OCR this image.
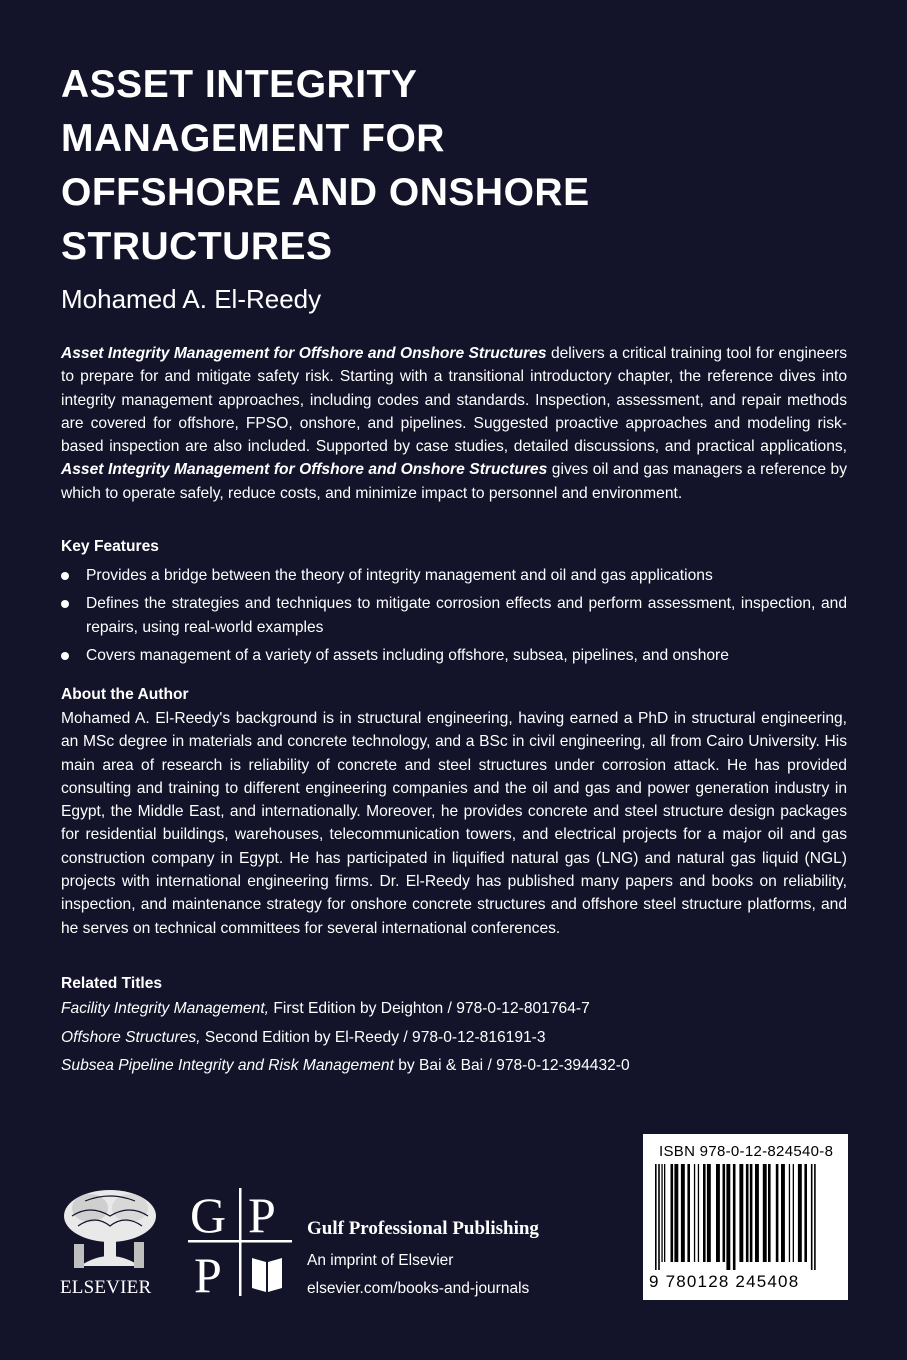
ASSET INTEGRITY
MANAGEMENT FOR
OFFSHORE AND ONSHORE
STRUCTURES
Mohamed A. El-Reedy
Asset Integrity Management for Offshore and Onshore Structures delivers a critical training tool for engineers to prepare for and mitigate safety risk. Starting with a transitional introductory chapter, the reference dives into integrity management approaches, including codes and standards. Inspection, assessment, and repair methods are covered for offshore, FPSO, onshore, and pipelines. Suggested proactive approaches and modeling risk-based inspection are also included. Supported by case studies, detailed discussions, and practical applications, Asset Integrity Management for Offshore and Onshore Structures gives oil and gas managers a reference by which to operate safely, reduce costs, and minimize impact to personnel and environment.
Key Features
Provides a bridge between the theory of integrity management and oil and gas applications
Defines the strategies and techniques to mitigate corrosion effects and perform assessment, inspection, and repairs, using real-world examples
Covers management of a variety of assets including offshore, subsea, pipelines, and onshore
About the Author

Mohamed A. El-Reedy's background is in structural engineering, having earned a PhD in structural engineering, an MSc degree in materials and concrete technology, and a BSc in civil engineering, all from Cairo University. His main area of research is reliability of concrete and steel structures under corrosion attack. He has provided consulting and training to different engineering companies and the oil and gas and power generation industry in Egypt, the Middle East, and internationally. Moreover, he provides concrete and steel structure design packages for residential buildings, warehouses, telecommunication towers, and electrical projects for a major oil and gas construction company in Egypt. He has participated in liquified natural gas (LNG) and natural gas liquid (NGL) projects with international engineering firms. Dr. El-Reedy has published many papers and books on reliability, inspection, and maintenance strategy for onshore concrete structures and offshore steel structure platforms, and he serves on technical committees for several international conferences.

Related Titles
Facility Integrity Management, First Edition by Deighton / 978-0-12-801764-7
Offshore Structures, Second Edition by El-Reedy / 978-0-12-816191-3
Subsea Pipeline Integrity and Risk Management by Bai & Bai / 978-0-12-394432-0
ISBN 978-0-12-824540-8
9 780128 245408
ELSEVIER
G P
P
Gulf Professional Publishing
An imprint of Elsevier
elsevier.com/books-and-journals
